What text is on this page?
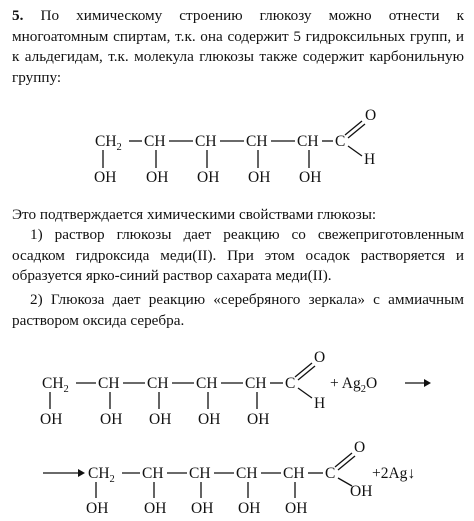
5. По химическому строению глюкозу можно отнести к многоатомным спиртам, т.к. она содержит 5 гидроксильных групп, и к альдегидам, т.к. молекула глюкозы также содержит карбонильную группу:

$CH_2$ CH CH CH CH C
O
H
OH OH OH OH OH

Это подтверждается химическими свойствами глюкозы:

1) раствор глюкозы дает реакцию со свежеприготовленным осадком гидроксида меди(II). При этом осадок растворяется и образуется ярко-синий раствор сахарата меди(II).

2) Глюкоза дает реакцию «серебряного зеркала» с аммиачным раствором оксида серебра.

$CH_2$ CH CH CH CH C
O
H
+ $Ag_2O$
OH OH OH OH OH
$CH_2$ CH CH CH CH C
O
OH
+2Ag↓
OH OH OH OH OH
